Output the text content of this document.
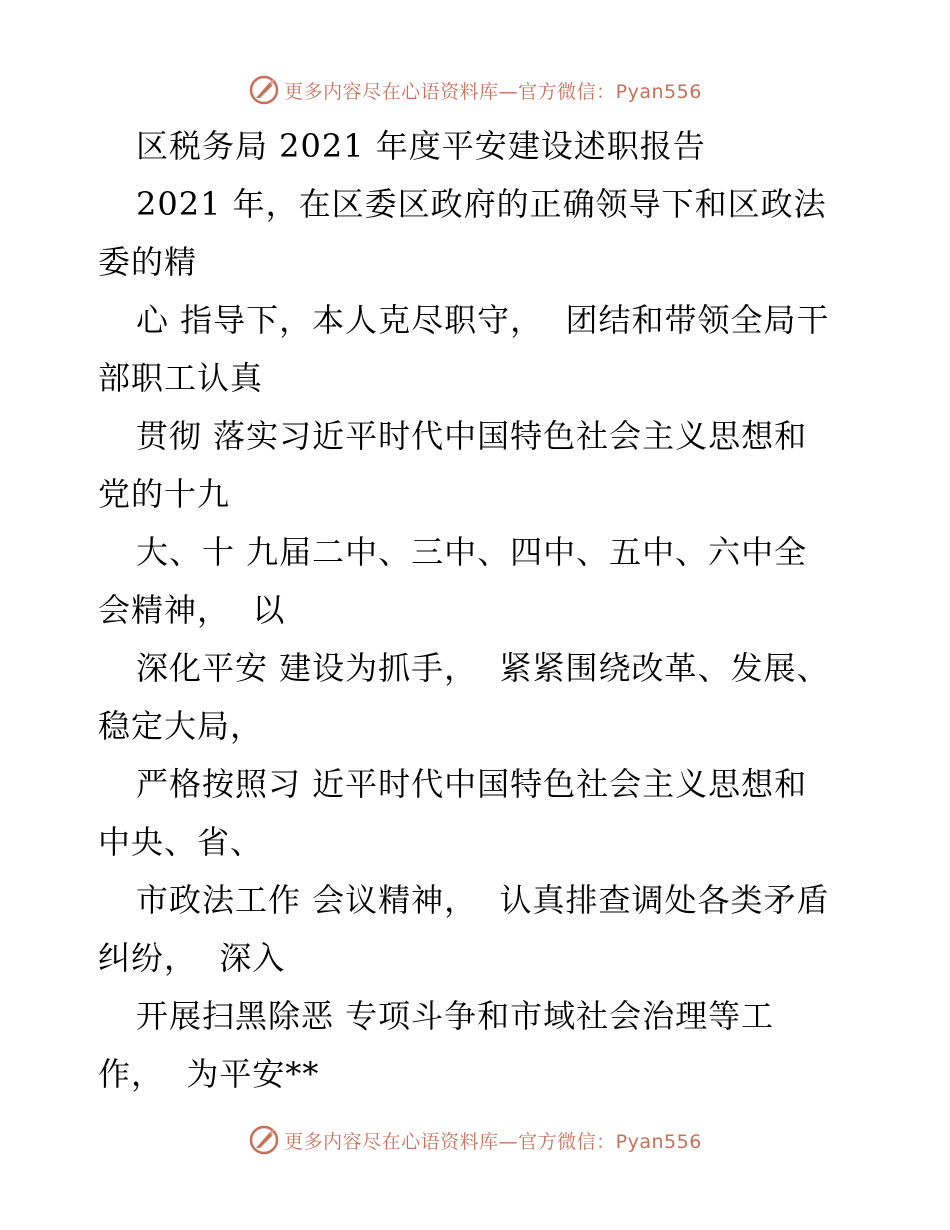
更多内容尽在心语资料库—官方微信：Pyan556
区税务局 2021 年度平安建设述职报告
2021 年，在区委区政府的正确领导下和区政法
委的精
心 指导下，本人克尽职守，  团结和带领全局干
部职工认真
贯彻 落实习近平时代中国特色社会主义思想和
党的十九
大、十 九届二中、三中、四中、五中、六中全
会精神，  以
深化平安 建设为抓手，  紧紧围绕改革、发展、
稳定大局，
严格按照习 近平时代中国特色社会主义思想和
中央、省、
市政法工作 会议精神，  认真排查调处各类矛盾
纠纷，  深入
开展扫黑除恶 专项斗争和市域社会治理等工
作，  为平安**
更多内容尽在心语资料库—官方微信：Pyan556
